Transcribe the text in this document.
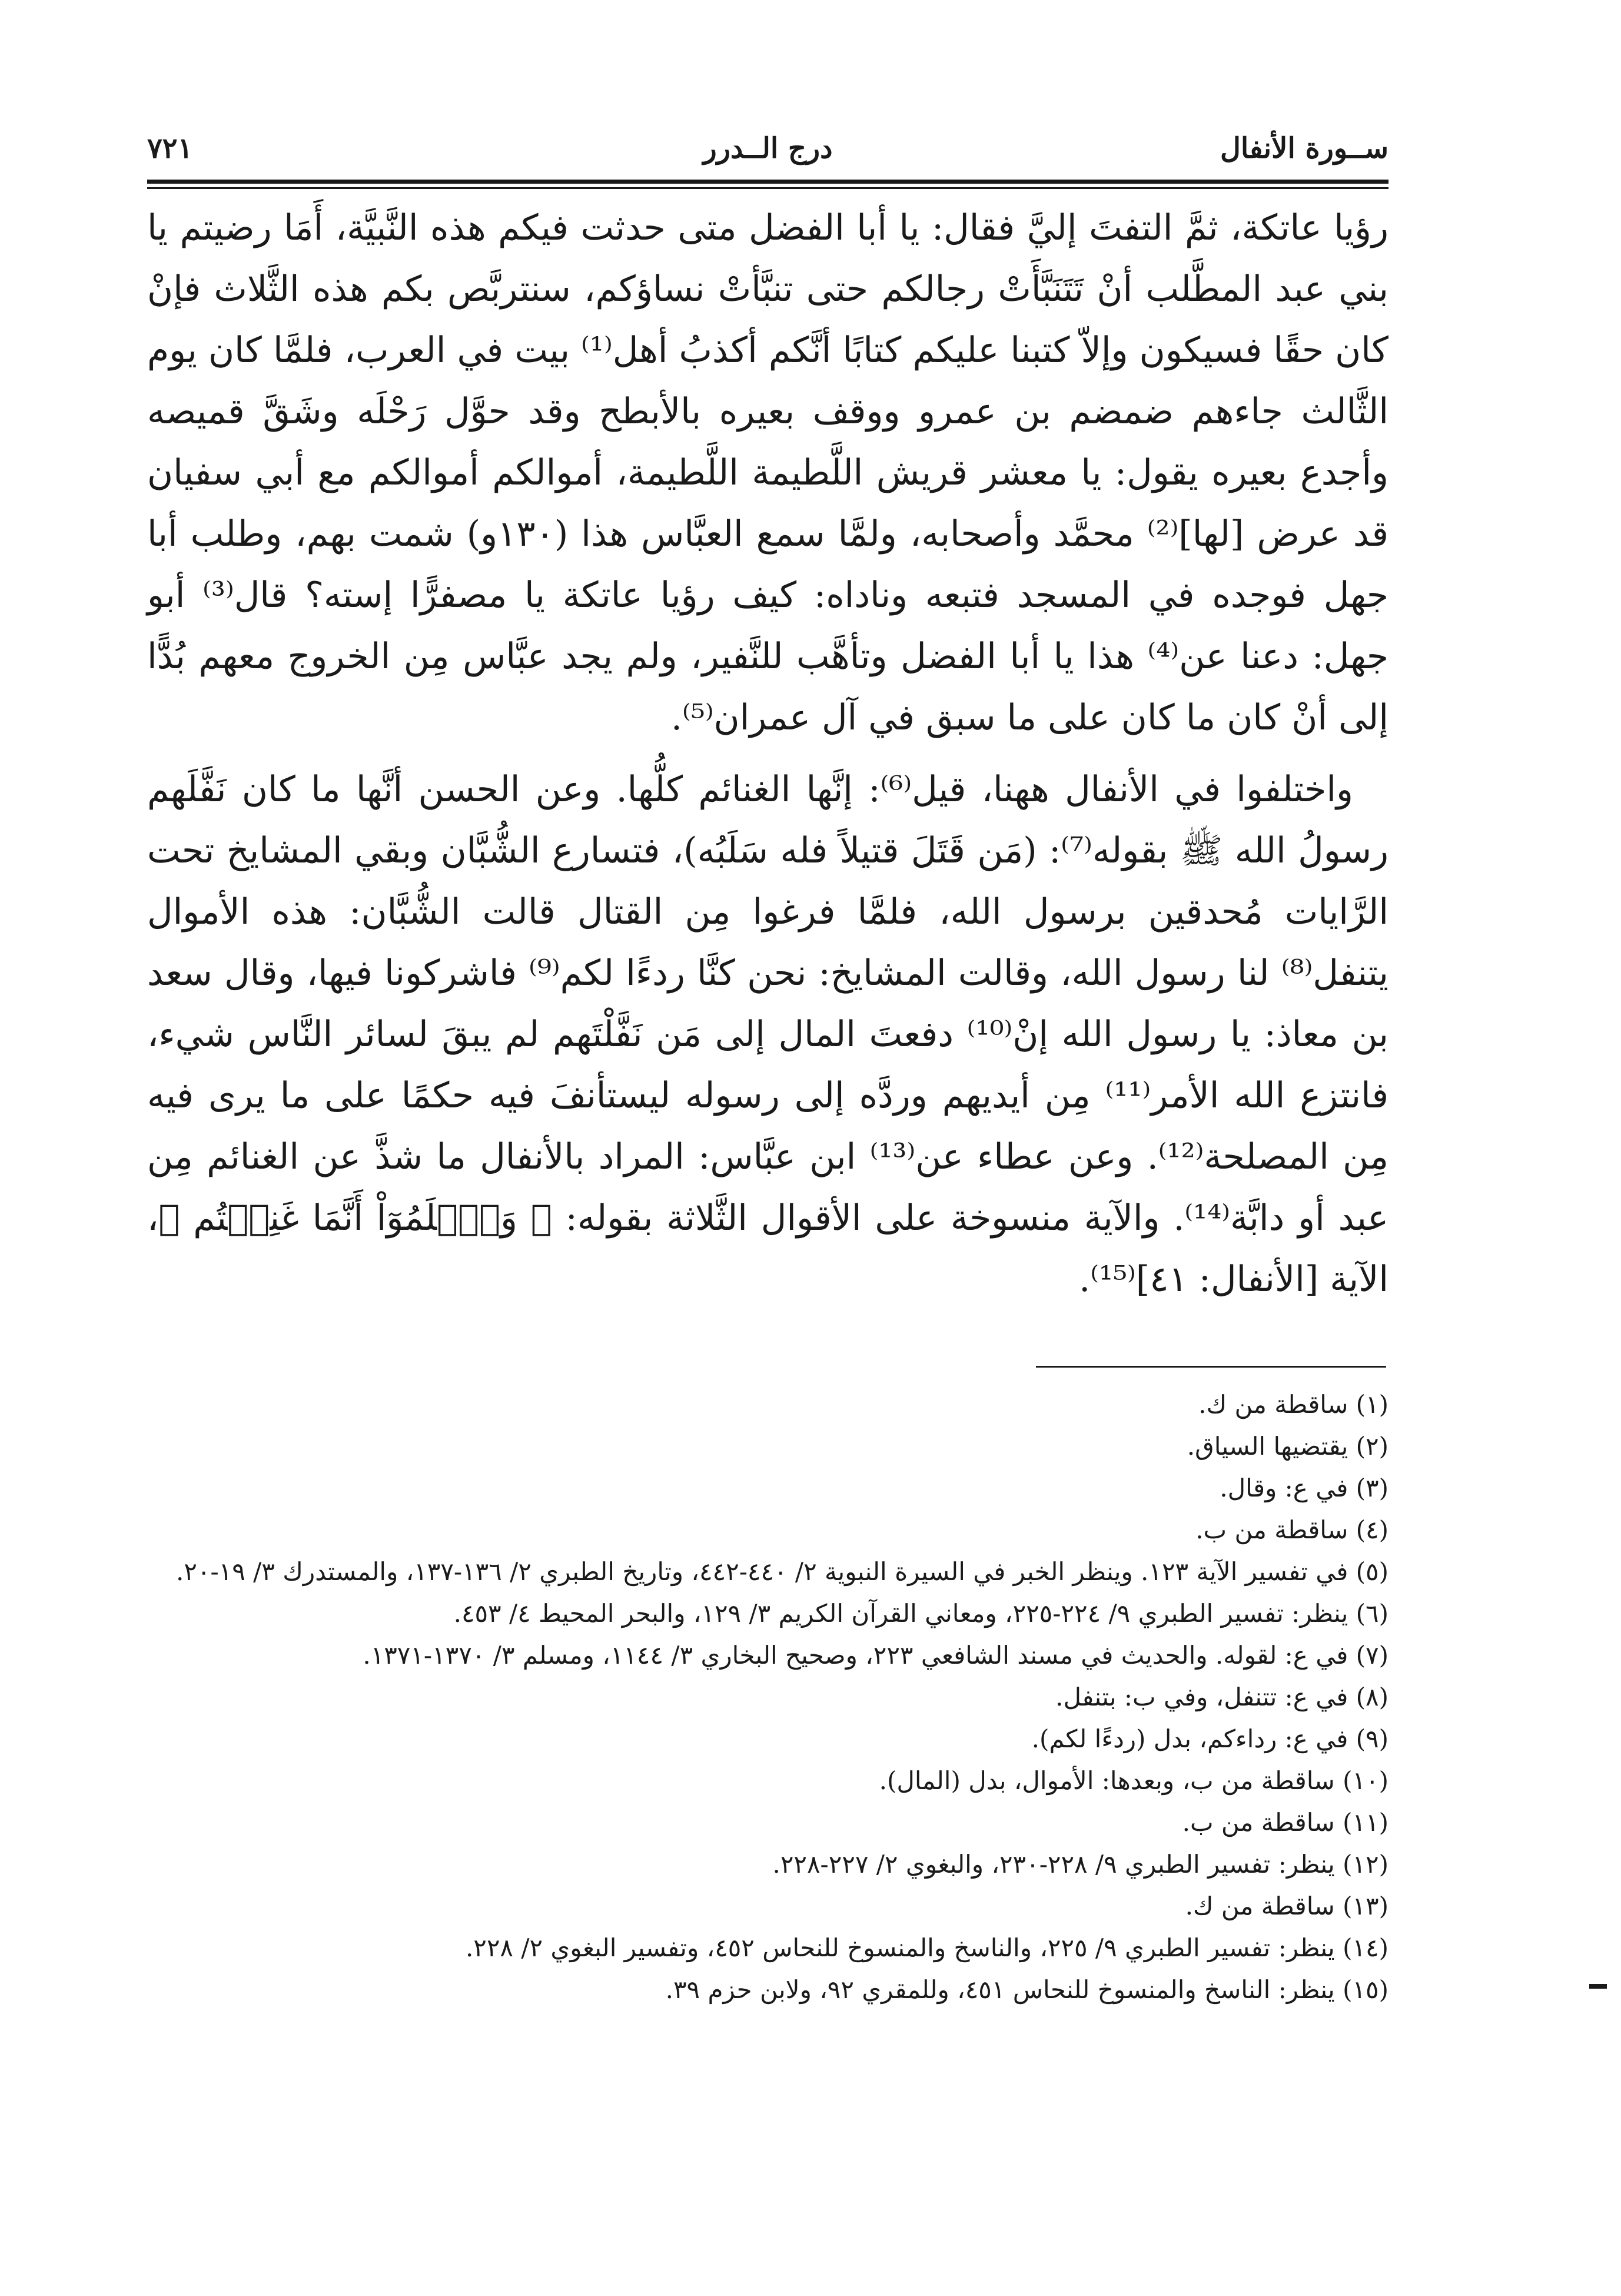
ســورة الأنفال
درج الــدرر
٧٢١

رؤيا عاتكة، ثمَّ التفتَ إليَّ فقال: يا أبا الفضل متى حدثت فيكم هذه النَّبيَّة، أَمَا رضيتم يا بني عبد المطَّلب أنْ تَتَنَبَّأَتْ رجالكم حتى تنبَّأتْ نساؤكم، سنتربَّص بكم هذه الثَّلاث فإنْ كان حقًا فسيكون وإلاّ كتبنا عليكم كتابًا أنَّكم أكذبُ أهل⁽¹⁾ بيت في العرب، فلمَّا كان يوم الثَّالث جاءهم ضمضم بن عمرو ووقف بعيره بالأبطح وقد حوَّل رَحْلَه وشَقَّ قميصه وأجدع بعيره يقول: يا معشر قريش اللَّطيمة اللَّطيمة، أموالكم أموالكم مع أبي سفيان قد عرض [لها]⁽²⁾ محمَّد وأصحابه، ولمَّا سمع العبَّاس هذا (١٣٠و) شمت بهم، وطلب أبا جهل فوجده في المسجد فتبعه وناداه: كيف رؤيا عاتكة يا مصفرًّا إسته؟ قال⁽³⁾ أبو جهل: دعنا عن⁽⁴⁾ هذا يا أبا الفضل وتأهَّب للنَّفير، ولم يجد عبَّاس مِن الخروج معهم بُدًّا إلى أنْ كان ما كان على ما سبق في آل عمران⁽⁵⁾.

واختلفوا في الأنفال ههنا، قيل⁽⁶⁾: إنَّها الغنائم كلُّها. وعن الحسن أنَّها ما كان نَفَّلَهم رسولُ الله ﷺ بقوله⁽⁷⁾: (مَن قَتَلَ قتيلاً فله سَلَبُه)، فتسارع الشُّبَّان وبقي المشايخ تحت الرَّايات مُحدقين برسول الله، فلمَّا فرغوا مِن القتال قالت الشُّبَّان: هذه الأموال يتنفل⁽⁸⁾ لنا رسول الله، وقالت المشايخ: نحن كنَّا ردءًا لكم⁽⁹⁾ فاشركونا فيها، وقال سعد بن معاذ: يا رسول الله إنْ⁽¹⁰⁾ دفعتَ المال إلى مَن نَفَّلْتَهم لم يبقَ لسائر النَّاس شيء، فانتزع الله الأمر⁽¹¹⁾ مِن أيديهم وردَّه إلى رسوله ليستأنفَ فيه حكمًا على ما يرى فيه مِن المصلحة⁽¹²⁾. وعن عطاء عن⁽¹³⁾ ابن عبَّاس: المراد بالأنفال ما شذَّ عن الغنائم مِن عبد أو دابَّة⁽¹⁴⁾. والآية منسوخة على الأقوال الثَّلاثة بقوله: ﴿ وَٱعۡلَمُوٓاْ أَنَّمَا غَنِمۡتُم ﴾، الآية [الأنفال: ٤١]⁽¹⁵⁾.

(١) ساقطة من ك.

(٢) يقتضيها السياق.

(٣) في ع: وقال.

(٤) ساقطة من ب.

(٥) في تفسير الآية ١٢٣. وينظر الخبر في السيرة النبوية ٢/ ٤٤٠-٤٤٢، وتاريخ الطبري ٢/ ١٣٦-١٣٧، والمستدرك ٣/ ١٩-٢٠.

(٦) ينظر: تفسير الطبري ٩/ ٢٢٤-٢٢٥، ومعاني القرآن الكريم ٣/ ١٢٩، والبحر المحيط ٤/ ٤٥٣.

(٧) في ع: لقوله. والحديث في مسند الشافعي ٢٢٣، وصحيح البخاري ٣/ ١١٤٤، ومسلم ٣/ ١٣٧٠-١٣٧١.

(٨) في ع: تتنفل، وفي ب: بتنفل.

(٩) في ع: رداءكم، بدل (ردءًا لكم).

(١٠) ساقطة من ب، وبعدها: الأموال، بدل (المال).

(١١) ساقطة من ب.

(١٢) ينظر: تفسير الطبري ٩/ ٢٢٨-٢٣٠، والبغوي ٢/ ٢٢٧-٢٢٨.

(١٣) ساقطة من ك.

(١٤) ينظر: تفسير الطبري ٩/ ٢٢٥، والناسخ والمنسوخ للنحاس ٤٥٢، وتفسير البغوي ٢/ ٢٢٨.

(١٥) ينظر: الناسخ والمنسوخ للنحاس ٤٥١، وللمقري ٩٢، ولابن حزم ٣٩.
